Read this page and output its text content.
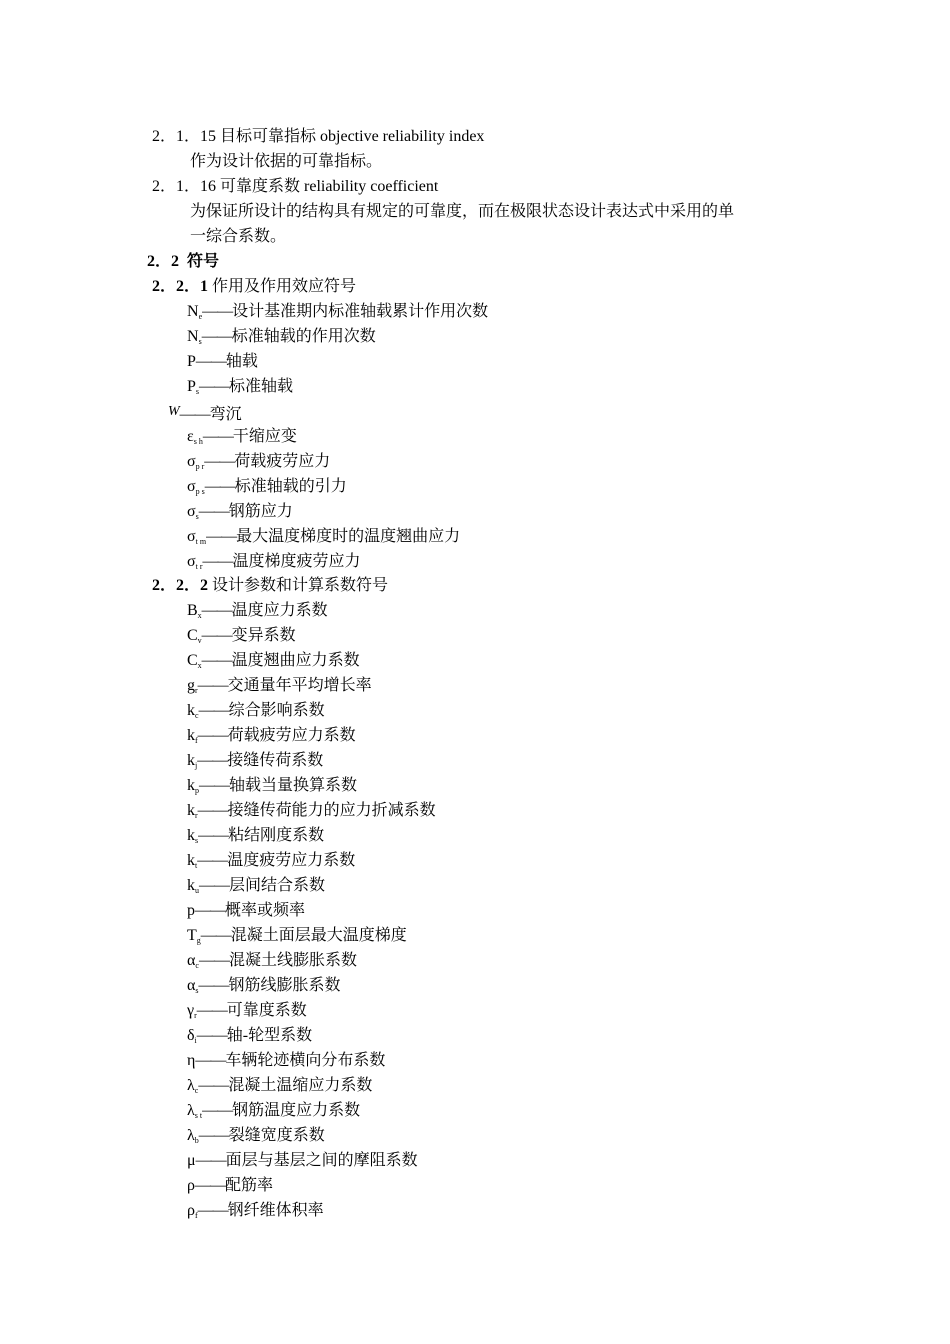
2．1．15 目标可靠指标 objective reliability index
作为设计依据的可靠指标。
2．1．16 可靠度系数 reliability coefficient
为保证所设计的结构具有规定的可靠度，而在极限状态设计表达式中采用的单
一综合系数。
2．2 符号
2．2．1 作用及作用效应符号
$N_e——$设计基准期内标准轴载累计作用次数
$N_s——$标准轴载的作用次数
P——轴载
$P_s——$标准轴载
W——弯沉
$\varepsilon_{s h}——$干缩应变
$\sigma_{p r}——$荷载疲劳应力
$\sigma_{p s}——$标准轴载的引力
$\sigma_s——$钢筋应力
$\sigma_{t m}——$最大温度梯度时的温度翘曲应力
$\sigma_{t r}——$温度梯度疲劳应力
2．2．2 设计参数和计算系数符号
$B_x——$温度应力系数
$C_v——$变异系数
$C_x——$温度翘曲应力系数
$g_r——$交通量年平均增长率
$k_c——$综合影响系数
$k_f——$荷载疲劳应力系数
$k_j——$接缝传荷系数
$k_p——$轴载当量换算系数
$k_r——$接缝传荷能力的应力折减系数
$k_s——$粘结刚度系数
$k_t——$温度疲劳应力系数
$k_u——$层间结合系数
p——概率或频率
$T_g——$混凝土面层最大温度梯度
$\alpha_c——$混凝土线膨胀系数
$\alpha_s——$钢筋线膨胀系数
$\gamma_r——$可靠度系数
$\delta_i——$轴-轮型系数
η——车辆轮迹横向分布系数
$\lambda_c——$混凝土温缩应力系数
$\lambda_{s t}——$钢筋温度应力系数
$\lambda_b——$裂缝宽度系数
μ——面层与基层之间的摩阻系数
ρ——配筋率
$\rho_f——$钢纤维体积率
